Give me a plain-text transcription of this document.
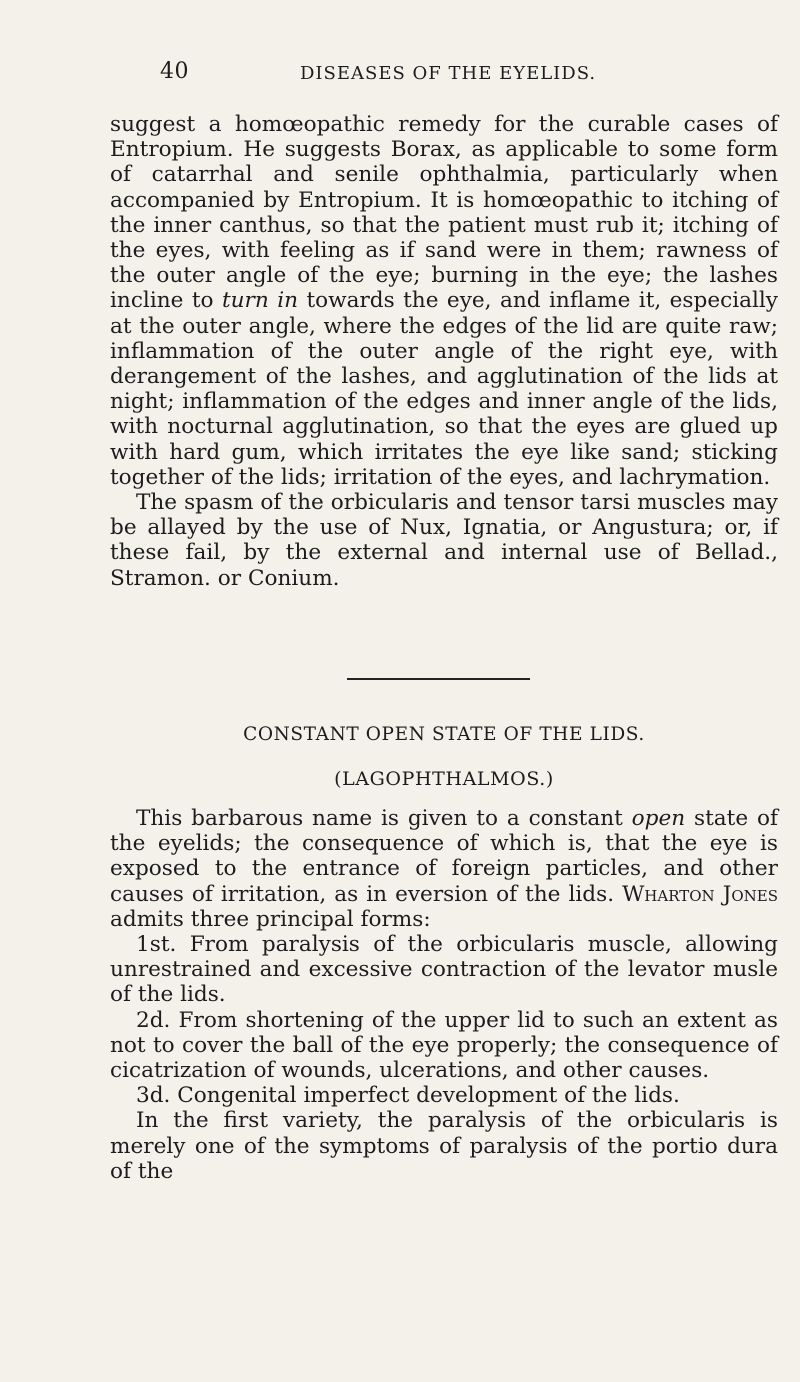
40	DISEASES OF THE EYELIDS.

suggest a homœopathic remedy for the curable cases of Entropium. He suggests Borax, as applicable to some form of catarrhal and senile ophthalmia, particularly when accompanied by Entropium. It is homœopathic to itching of the inner canthus, so that the patient must rub it; itching of the eyes, with feeling as if sand were in them; rawness of the outer angle of the eye; burning in the eye; the lashes incline to turn in towards the eye, and inflame it, especially at the outer angle, where the edges of the lid are quite raw; inflammation of the outer angle of the right eye, with derangement of the lashes, and agglutination of the lids at night; inflammation of the edges and inner angle of the lids, with nocturnal agglutination, so that the eyes are glued up with hard gum, which irritates the eye like sand; sticking together of the lids; irritation of the eyes, and lachrymation.

The spasm of the orbicularis and tensor tarsi muscles may be allayed by the use of Nux, Ignatia, or Angustura; or, if these fail, by the external and internal use of Bellad., Stramon. or Conium.

CONSTANT OPEN STATE OF THE LIDS.
(LAGOPHTHALMOS.)

This barbarous name is given to a constant open state of the eyelids; the consequence of which is, that the eye is exposed to the entrance of foreign particles, and other causes of irritation, as in eversion of the lids. Wharton Jones admits three principal forms:

1st. From paralysis of the orbicularis muscle, allowing unrestrained and excessive contraction of the levator musle of the lids.

2d. From shortening of the upper lid to such an extent as not to cover the ball of the eye properly; the consequence of cicatrization of wounds, ulcerations, and other causes.

3d. Congenital imperfect development of the lids.

In the first variety, the paralysis of the orbicularis is merely one of the symptoms of paralysis of the portio dura of the
